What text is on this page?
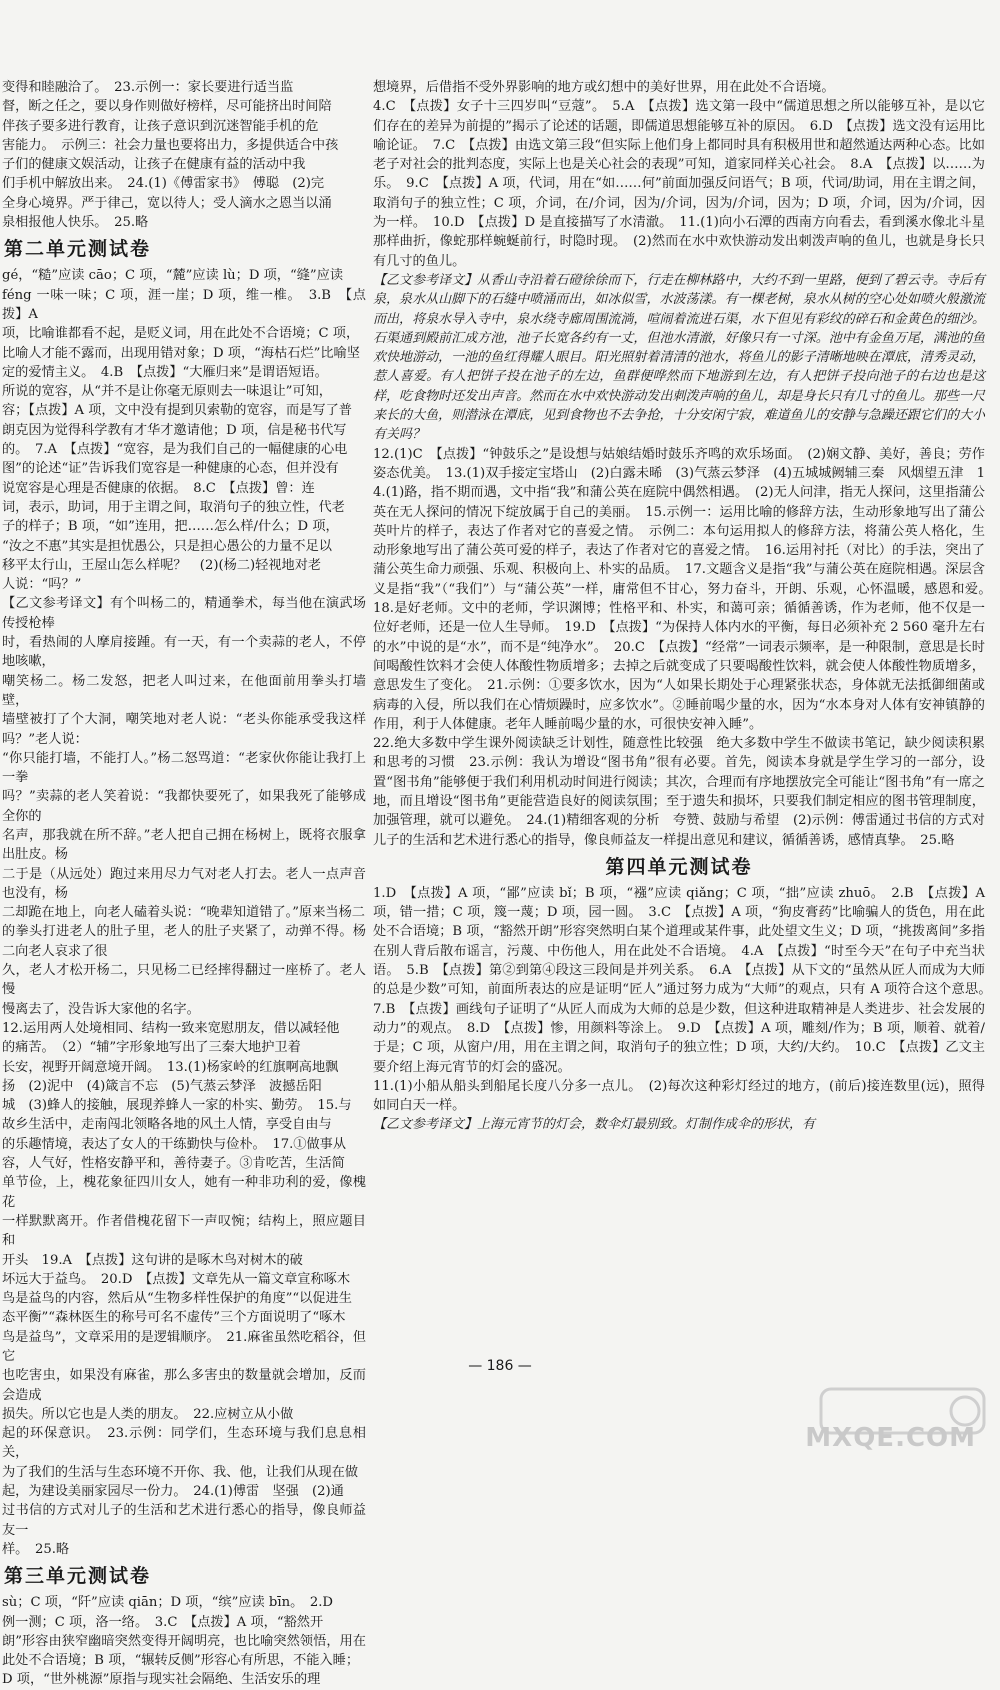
变得和睦融洽了。　23.示例一：家长要进行适当监

督，断之任之，要以身作则做好榜样，尽可能挤出时间陪

伴孩子要多进行教育，让孩子意识到沉迷智能手机的危

害能力。　示例三：社会力量也要将出力，多提供适合中孩

子们的健康文娱活动，让孩子在健康有益的活动中我

们手机中解放出来。　24.(1)《傅雷家书》　傅聪　(2)完

全身心境界。严于律己，宽以待人；受人滴水之恩当以涌

泉相报他人快乐。　25.略

第二单元测试卷

gé，“糙”应读 cāo；C 项，“麓”应读 lù；D 项，“缝”应读

féng 一味一味；C 项，涯一崖；D 项，维一椎。　3.B　【点拨】A

项，比喻谁都看不起，是贬义词，用在此处不合语境；C 项，

比喻人才能不露而，出现用错对象；D 项，“海枯石烂”比喻坚

定的爱情主义。　4.B　【点拨】“大雁归来”是谓语短语。

所说的宽容，从“并不是让你毫无原则去一味退让”可知，

容；【点拨】A 项，文中没有提到贝索勒的宽容，而是写了普

朗克因为觉得科学教有才华才邀请他；D 项，信是秘书代写

的。　7.A　【点拨】“宽容，是为我们自己的一幅健康的心电

图”的论述“证”告诉我们宽容是一种健康的心态，但并没有

说宽容是心理是否健康的依据。　8.C　【点拨】曾：连

词，表示，助词，用于主谓之间，取消句子的独立性，代老

子的样子；B 项，“如”连用，把……怎么样/什么；D 项，

“汝之不惠”其实是担忧愚公，只是担心愚公的力量不足以

移平太行山，王屋山怎么样呢？　(2)(杨二)轻视地对老

人说：“吗？”

【乙文参考译文】有个叫杨二的，精通拳术，每当他在演武场传授枪棒

时，看热闹的人摩肩接踵。有一天，有一个卖蒜的老人，不停地咳嗽，

嘲笑杨二。杨二发怒，把老人叫过来，在他面前用拳头打墙壁，

墙壁被打了个大洞，嘲笑地对老人说：“老头你能承受我这样吗？”老人说：

“你只能打墙，不能打人。”杨二怒骂道：“老家伙你能让我打上一拳

吗？”卖蒜的老人笑着说：“我都快要死了，如果我死了能够成全你的

名声，那我就在所不辞。”老人把自己拥在杨树上，既将衣服拿出肚皮。杨

二于是（从远处）跑过来用尽力气对老人打去。老人一点声音也没有，杨

二却跪在地上，向老人磕着头说：“晚辈知道错了。”原来当杨二

的拳头打进老人的肚子里，老人的肚子夹紧了，动弹不得。杨二向老人哀求了很

久，老人才松开杨二，只见杨二已经摔得翻过一座桥了。老人慢

慢离去了，没告诉大家他的名字。

12.运用两人处境相同、结构一致来宽慰朋友，借以减轻他

的痛苦。　（2）“辅”字形象地写出了三秦大地护卫着

长安，视野开阔意境开阔。　13.(1)杨家岭的红旗啊高地飘

扬　(2)泥中　(4)箴言不忘　(5)气蒸云梦泽　波撼岳阳

城　(3)蜂人的接触，展现养蜂人一家的朴实、勤劳。　15.与

故乡生活中，走南闯北领略各地的风土人情，享受自由与

的乐趣情境，表达了女人的干练勤快与俭朴。　17.①做事从

容，人气好，性格安静平和，善待妻子。③肯吃苦，生活简

单节俭，上，槐花象征四川女人，她有一种非功利的爱，像槐花

一样默默离开。作者借槐花留下一声叹惋；结构上，照应题目和

开头　19.A　【点拨】这句讲的是啄木鸟对树木的破

坏远大于益鸟。　20.D　【点拨】文章先从一篇文章宣称啄木

鸟是益鸟的内容，然后从“生物多样性保护的角度”“以促进生

态平衡”“森林医生的称号可名不虚传”三个方面说明了“啄木

鸟是益鸟”，文章采用的是逻辑顺序。　21.麻雀虽然吃稻谷，但它

也吃害虫，如果没有麻雀，那么多害虫的数量就会增加，反而会造成

损失。所以它也是人类的朋友。　22.应树立从小做

起的环保意识。　23.示例：同学们，生态环境与我们息息相关，

为了我们的生活与生态环境不开你、我、他，让我们从现在做

起，为建设美丽家园尽一份力。　24.(1)傅雷　坚强　(2)通

过书信的方式对儿子的生活和艺术进行悉心的指导，像良师益友一

样。　25.略

第三单元测试卷

sù；C 项，“阡”应读 qiān；D 项，“缤”应读 bīn。　2.D

例一测；C 项，洛一络。　3.C　【点拨】A 项，“豁然开

朗”形容由狭窄幽暗突然变得开阔明亮，也比喻突然领悟，用在此处不合语境；B 项，“辗转反侧”形容心有所思，不能入睡；

D 项，“世外桃源”原指与现实社会隔绝、生活安乐的理

想境界，后借指不受外界影响的地方或幻想中的美好世界，用在此处不合语境。

4.C　【点拨】女子十三四岁叫“豆蔻”。　5.A　【点拨】选文第一段中“儒道思想之所以能够互补，是以它们存在的差异为前提的”揭示了论述的话题，即儒道思想能够互补的原因。　6.D　【点拨】选文没有运用比喻论证。　7.C　【点拨】由选文第三段“但实际上他们身上都同时具有积极用世和超然遁达两种心态。比如老子对社会的批判态度，实际上也是关心社会的表现”可知，道家同样关心社会。　8.A　【点拨】以……为乐。　9.C　【点拨】A 项，代词，用在“如……何”前面加强反问语气；B 项，代词/助词，用在主谓之间，取消句子的独立性；C 项，介词，在/介词，因为/介词，因为/介词，因为；D 项，介词，因为/介词，因为一样。　10.D　【点拨】D 是直接描写了水清澈。　11.(1)向小石潭的西南方向看去，看到溪水像北斗星那样曲折，像蛇那样蜿蜒前行，时隐时现。　(2)然而在水中欢快游动发出刺泼声响的鱼儿，也就是身长只有几寸的鱼儿。

【乙文参考译文】从香山寺沿着石磴徐徐而下，行走在柳林路中，大约不到一里路，便到了碧云寺。寺后有泉，泉水从山脚下的石缝中喷涌而出，如冰似雪，水波荡漾。有一棵老树，泉水从树的空心处如喷火般激流而出，将泉水导入寺中，泉水绕寺廊周围流淌，喧闹着流进石渠，水下但见有彩纹的碎石和金黄色的细沙。石渠通到殿前汇成方池，池子长宽各约有一丈，但池水清澈，好像只有一寸深。池中有金鱼万尾，满池的鱼欢快地游动，一池的鱼红得耀人眼目。阳光照射着清清的池水，将鱼儿的影子清晰地映在潭底，清秀灵动，惹人喜爱。有人把饼子投在池子的左边，鱼群便哗然而下地游到左边，有人把饼子投向池子的右边也是这样，吃食物时还发出声音。然而在水中欢快游动发出刺泼声响的鱼儿，却是身长只有几寸的鱼儿。那些一尺来长的大鱼，则潜泳在潭底，见到食物也不去争抢，十分安闲宁寂，难道鱼儿的安静与急躁还跟它们的大小有关吗？

12.(1)C　【点拨】“钟鼓乐之”是设想与姑娘结婚时鼓乐齐鸣的欢乐场面。　(2)娴文静、美好，善良；劳作姿态优美。　13.(1)双手接定宝塔山　(2)白露未晞　(3)气蒸云梦泽　(4)五城城阙辅三秦　风烟望五津　14.(1)路，指不期而遇，文中指“我”和蒲公英在庭院中偶然相遇。　(2)无人问津，指无人探问，这里指蒲公英在无人探问的情况下绽放属于自己的美丽。　15.示例一：运用比喻的修辞方法，生动形象地写出了蒲公英叶片的样子，表达了作者对它的喜爱之情。　示例二：本句运用拟人的修辞方法，将蒲公英人格化，生动形象地写出了蒲公英可爱的样子，表达了作者对它的喜爱之情。　16.运用衬托（对比）的手法，突出了蒲公英生命力顽强、乐观、积极向上、朴实的品质。　17.文题含义是指“我”与蒲公英在庭院相遇。深层含义是指“我”（“我们”）与“蒲公英”一样，庸常但不甘心，努力奋斗，开朗、乐观，心怀温暖，感恩和爱。　18.是好老师。文中的老师，学识渊博；性格平和、朴实，和蔼可亲；循循善诱，作为老师，他不仅是一位好老师，还是一位人生导师。　19.D　【点拨】“为保持人体内水的平衡，每日必须补充 2 560 毫升左右的水”中说的是“水”，而不是“纯净水”。　20.C　【点拨】“经常”一词表示频率，是一种限制，意思是长时间喝酸性饮料才会使人体酸性物质增多；去掉之后就变成了只要喝酸性饮料，就会使人体酸性物质增多，意思发生了变化。　21.示例：①要多饮水，因为“人如果长期处于心理紧张状态，身体就无法抵御细菌或病毒的入侵，所以我们在心情烦躁时，应多饮水”。②睡前喝少量的水，因为“水本身对人体有安神镇静的作用，利于人体健康。老年人睡前喝少量的水，可很快安神入睡”。

22.绝大多数中学生课外阅读缺乏计划性，随意性比较强　绝大多数中学生不做读书笔记，缺少阅读积累和思考的习惯　23.示例：我认为增设“图书角”很有必要。首先，阅读本身就是学生学习的一部分，设置“图书角”能够便于我们利用机动时间进行阅读；其次，合理而有序地摆放完全可能让“图书角”有一席之地，而且增设“图书角”更能营造良好的阅读氛围；至于遗失和损坏，只要我们制定相应的图书管理制度，加强管理，就可以避免。　24.(1)精细客观的分析　夸赞、鼓励与希望　(2)示例：傅雷通过书信的方式对儿子的生活和艺术进行悉心的指导，像良师益友一样提出意见和建议，循循善诱，感情真挚。　25.略

第四单元测试卷

1.D　【点拨】A 项，“鄙”应读 bǐ；B 项，“襁”应读 qiǎng；C 项，“拙”应读 zhuō。　2.B　【点拨】A 项，错一措；C 项，篾一蔑；D 项，园一圆。　3.C　【点拨】A 项，“狗皮膏药”比喻骗人的货色，用在此处不合语境；B 项，“豁然开朗”形容突然明白某个道理或某件事，此处望文生义；D 项，“挑拨离间”多指在别人背后散布谣言，污蔑、中伤他人，用在此处不合语境。　4.A　【点拨】“时至今天”在句子中充当状语。　5.B　【点拨】第②到第④段这三段间是并列关系。　6.A　【点拨】从下文的“虽然从匠人而成为大师的总是少数”可知，前面所表达的应是证明“匠人”通过努力成为“大师”的观点，只有 A 项符合这个意思。　7.B　【点拨】画线句子证明了“从匠人而成为大师的总是少数，但这种进取精神是人类进步、社会发展的动力”的观点。　8.D　【点拨】惨，用颜料等涂上。　9.D　【点拨】A 项，雕刻/作为；B 项，顺着、就着/于是；C 项，从窗户/用，用在主谓之间，取消句子的独立性；D 项，大约/大约。　10.C　【点拨】乙文主要介绍上海元宵节的灯会的盛况。

11.(1)小船从船头到船尾长度八分多一点儿。　(2)每次这种彩灯经过的地方，(前后)接连数里(远)，照得如同白天一样。

【乙文参考译文】上海元宵节的灯会，数伞灯最别致。灯制作成伞的形状，有

— 186 —
MXQE.COM
